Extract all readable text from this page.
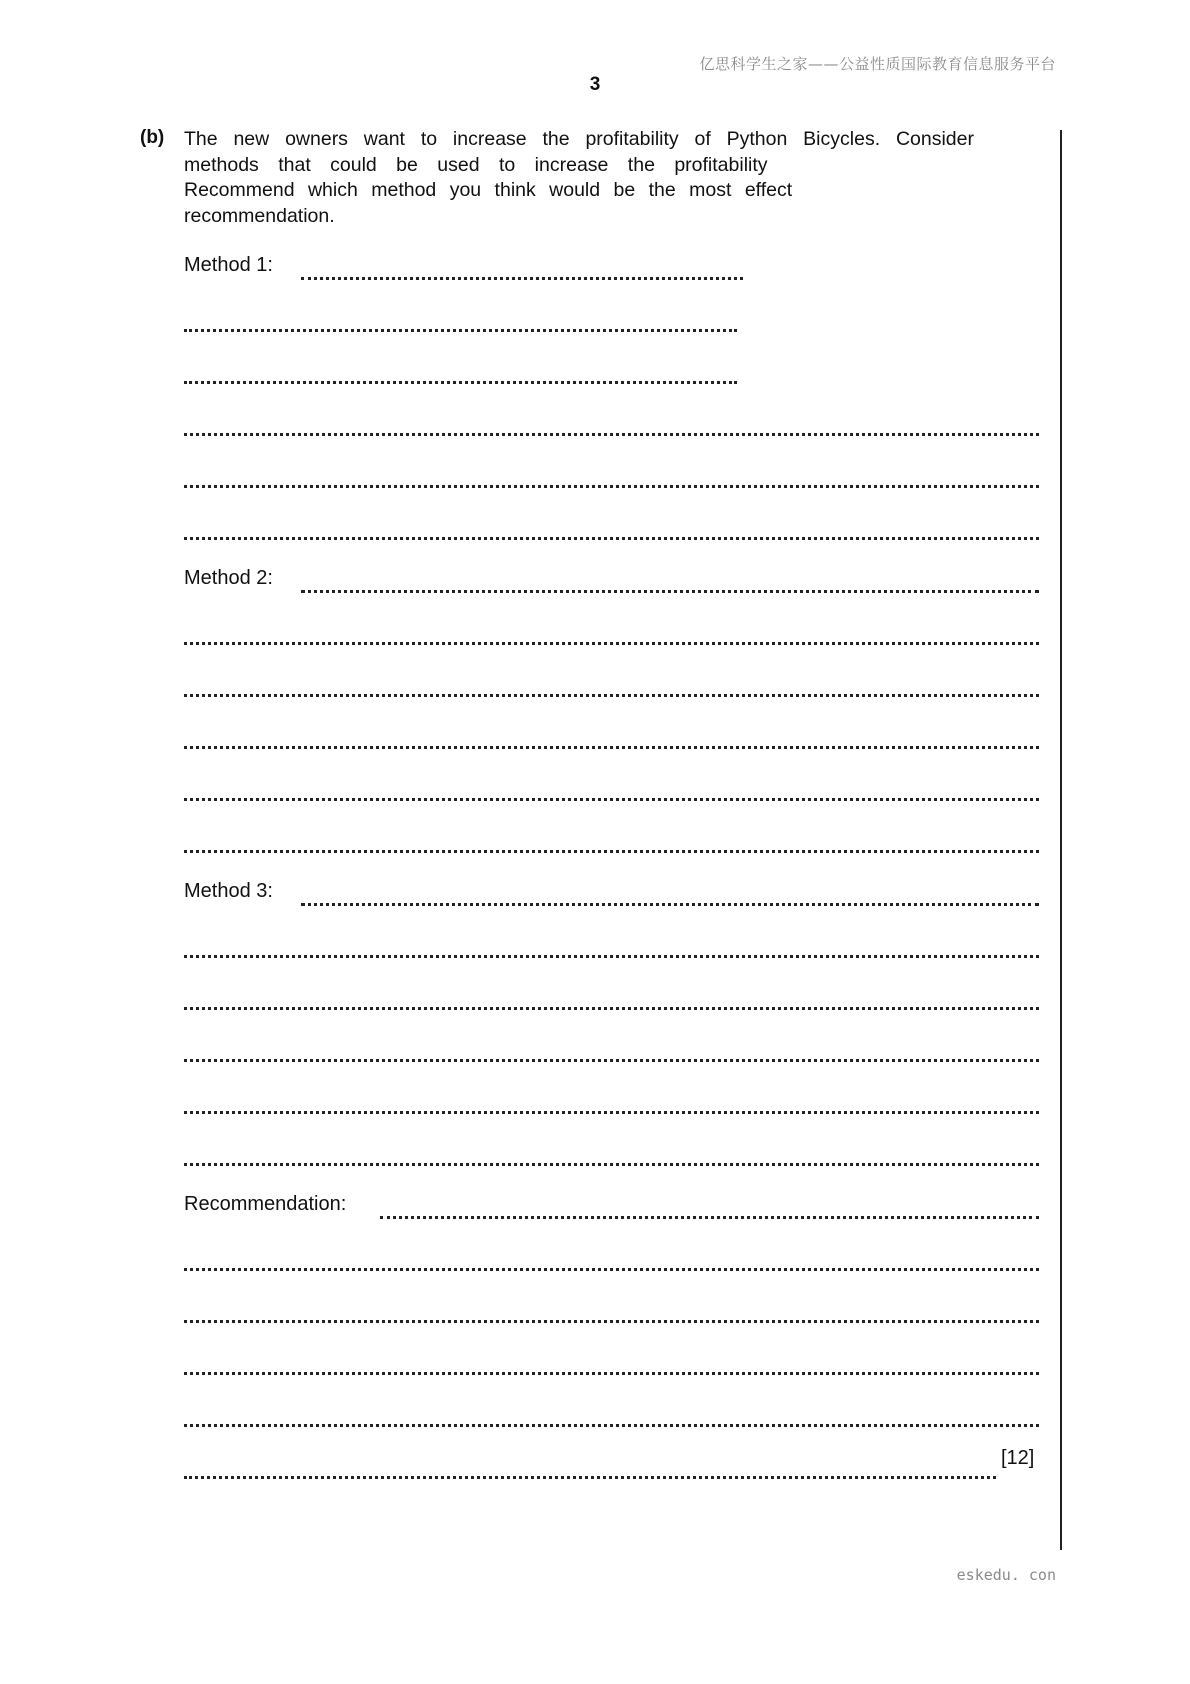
亿思科学生之家——公益性质国际教育信息服务平台
3
(b) The new owners want to increase the profitability of Python Bicycles. Consider
methods that could be used to increase the profitability
Recommend which method you think would be the most effect
recommendation.
Method 1:
Method 2:
Method 3:
Recommendation:
[12]
eskedu. con
